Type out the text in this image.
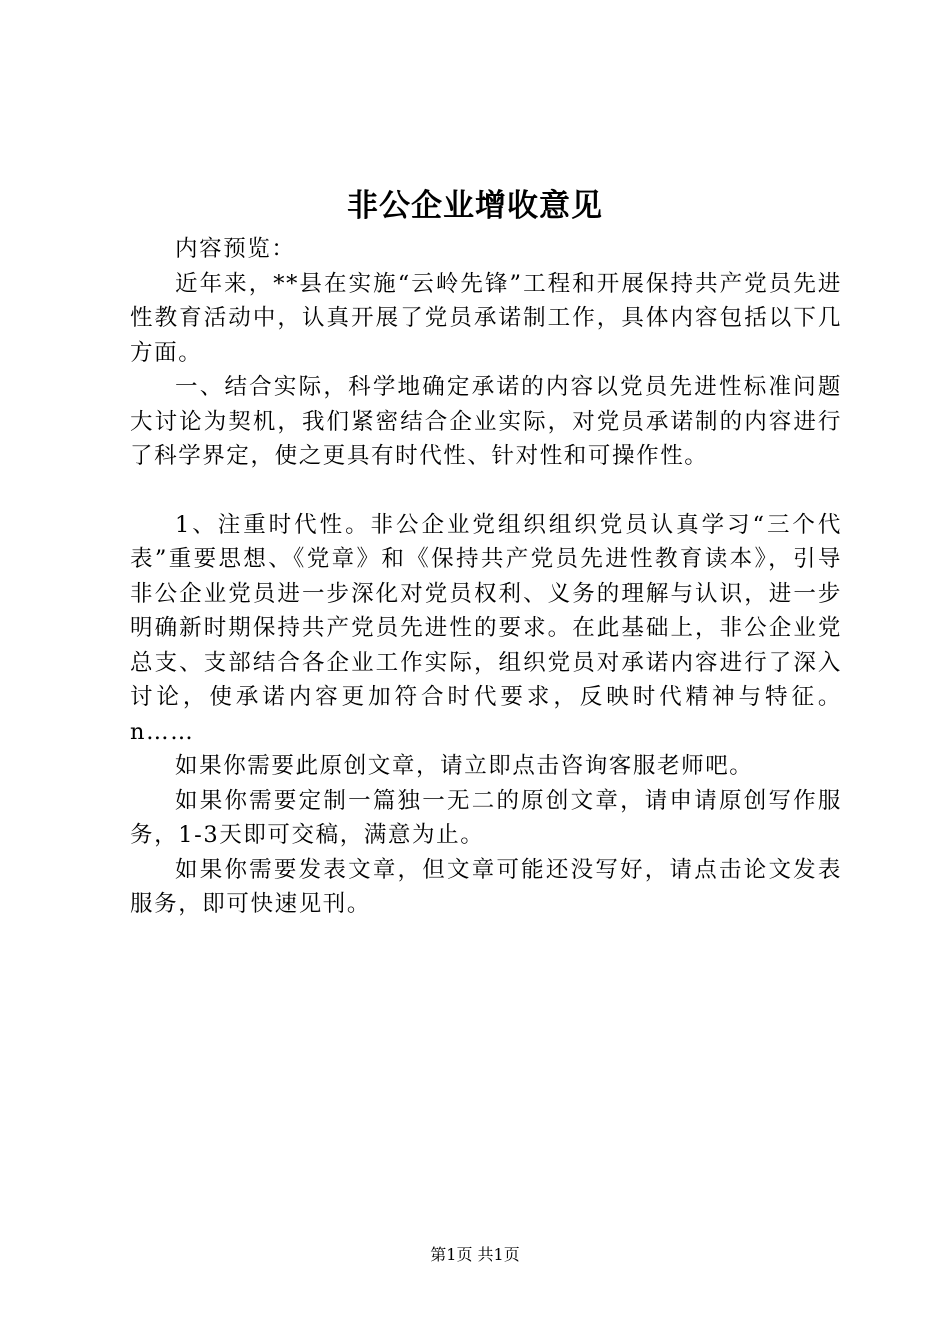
非公企业增收意见

内容预览：

近年来，**县在实施“云岭先锋”工程和开展保持共产党员先进性教育活动中，认真开展了党员承诺制工作，具体内容包括以下几方面。

一、结合实际，科学地确定承诺的内容以党员先进性标准问题大讨论为契机，我们紧密结合企业实际，对党员承诺制的内容进行了科学界定，使之更具有时代性、针对性和可操作性。

1、注重时代性。非公企业党组织组织党员认真学习“三个代表”重要思想、《党章》和《保持共产党员先进性教育读本》，引导非公企业党员进一步深化对党员权利、义务的理解与认识，进一步明确新时期保持共产党员先进性的要求。在此基础上，非公企业党总支、支部结合各企业工作实际，组织党员对承诺内容进行了深入讨论，使承诺内容更加符合时代要求，反映时代精神与特征。n……

如果你需要此原创文章，请立即点击咨询客服老师吧。

如果你需要定制一篇独一无二的原创文章，请申请原创写作服务，1-3天即可交稿，满意为止。

如果你需要发表文章，但文章可能还没写好，请点击论文发表服务，即可快速见刊。

第1页 共1页
